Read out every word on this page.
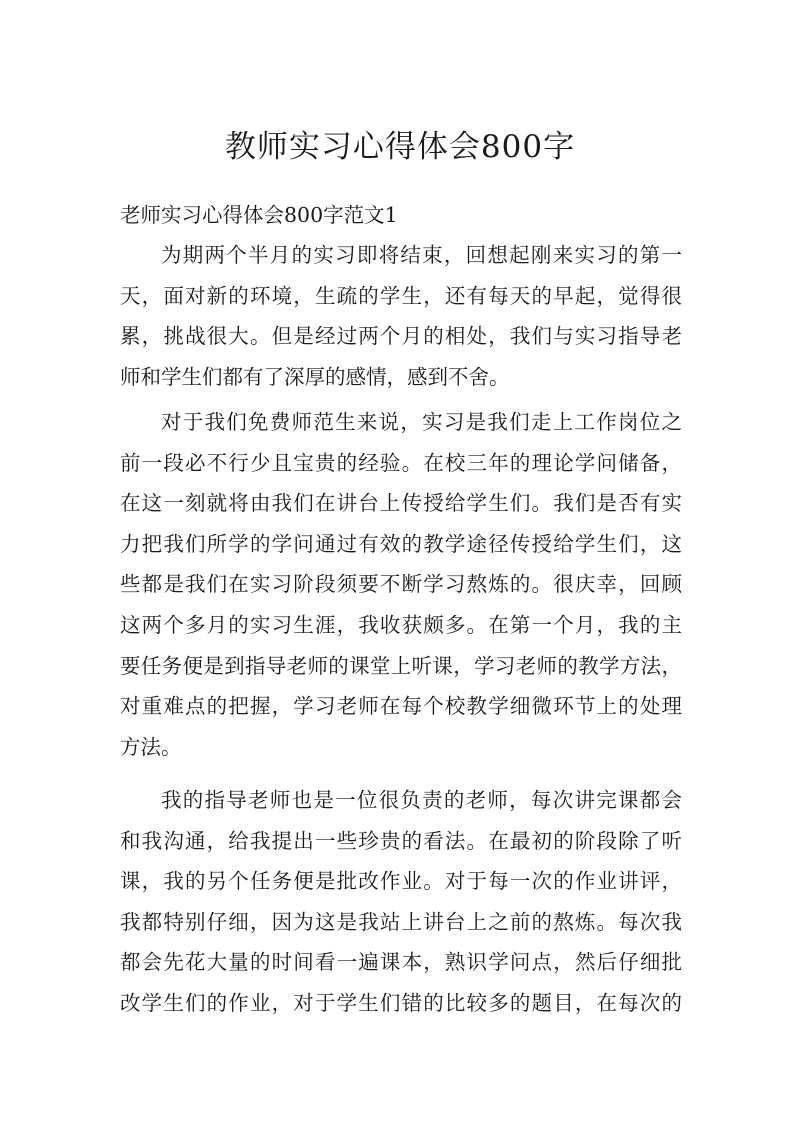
教师实习心得体会800字
老师实习心得体会800字范文1
为期两个半月的实习即将结束，回想起刚来实习的第一
天，面对新的环境，生疏的学生，还有每天的早起，觉得很
累，挑战很大。但是经过两个月的相处，我们与实习指导老
师和学生们都有了深厚的感情，感到不舍。
对于我们免费师范生来说，实习是我们走上工作岗位之
前一段必不行少且宝贵的经验。在校三年的理论学问储备，
在这一刻就将由我们在讲台上传授给学生们。我们是否有实
力把我们所学的学问通过有效的教学途径传授给学生们，这
些都是我们在实习阶段须要不断学习熬炼的。很庆幸，回顾
这两个多月的实习生涯，我收获颇多。在第一个月，我的主
要任务便是到指导老师的课堂上听课，学习老师的教学方法，
对重难点的把握，学习老师在每个校教学细微环节上的处理
方法。
我的指导老师也是一位很负责的老师，每次讲完课都会
和我沟通，给我提出一些珍贵的看法。在最初的阶段除了听
课，我的另个任务便是批改作业。对于每一次的作业讲评，
我都特别仔细，因为这是我站上讲台上之前的熬炼。每次我
都会先花大量的时间看一遍课本，熟识学问点，然后仔细批
改学生们的作业，对于学生们错的比较多的题目，在每次的
